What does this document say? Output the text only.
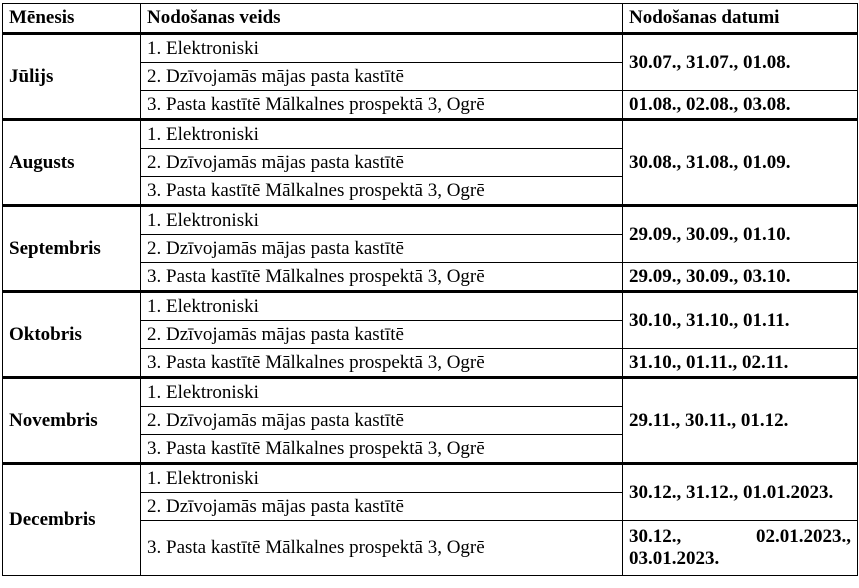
Mēnesis	Nodošanas veids	Nodošanas datumi
Jūlijs	1. Elektroniski	30.07., 31.07., 01.08.

	2. Dzīvojamās mājas pasta kastītē	

	3. Pasta kastītē Mālkalnes prospektā 3, Ogrē	01.08., 02.08., 03.08.
Augusts	1. Elektroniski	30.08., 31.08., 01.09.

	2. Dzīvojamās mājas pasta kastītē	

	3. Pasta kastītē Mālkalnes prospektā 3, Ogrē	

Septembris	1. Elektroniski	29.09., 30.09., 01.10.

	2. Dzīvojamās mājas pasta kastītē	

	3. Pasta kastītē Mālkalnes prospektā 3, Ogrē	29.09., 30.09., 03.10.
Oktobris	1. Elektroniski	30.10., 31.10., 01.11.

	2. Dzīvojamās mājas pasta kastītē	

	3. Pasta kastītē Mālkalnes prospektā 3, Ogrē	31.10., 01.11., 02.11.
Novembris	1. Elektroniski	29.11., 30.11., 01.12.

	2. Dzīvojamās mājas pasta kastītē	

	3. Pasta kastītē Mālkalnes prospektā 3, Ogrē	

Decembris	1. Elektroniski	30.12., 31.12., 01.01.2023.

	2. Dzīvojamās mājas pasta kastītē	

	3. Pasta kastītē Mālkalnes prospektā 3, Ogrē	30.12., 02.01.2023., 03.01.2023.
